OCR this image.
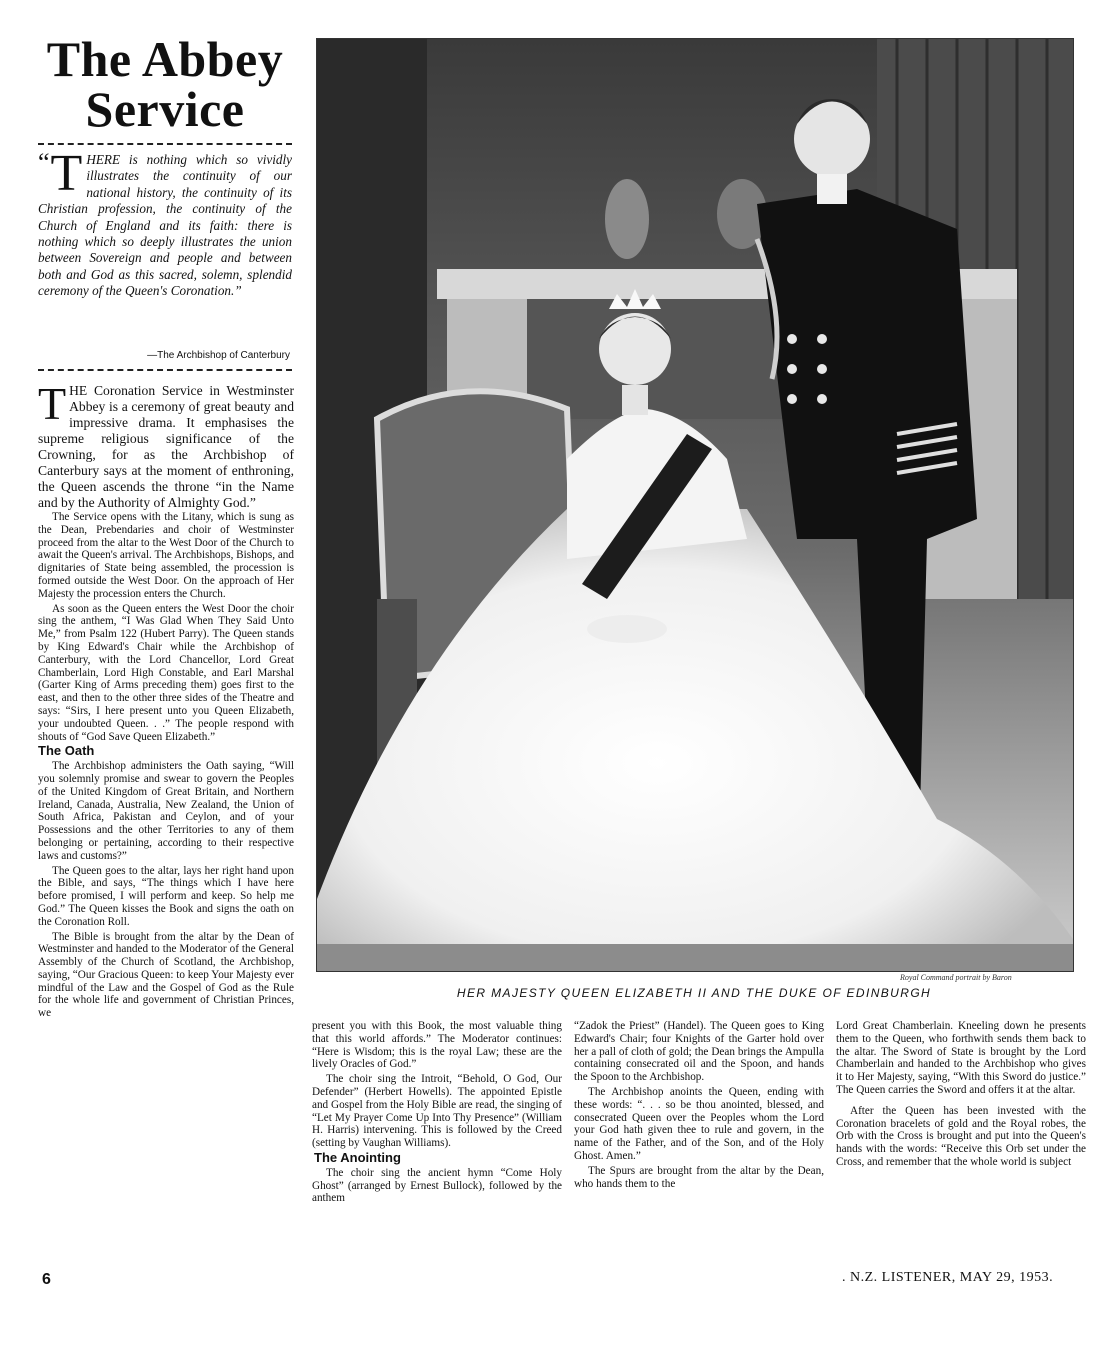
The Abbey Service
“ T HERE is nothing which so vividly illustrates the continuity of our national history, the continuity of its Christian profession, the continuity of the Church of England and its faith: there is nothing which so deeply illustrates the union between Sovereign and people and between both and God as this sacred, solemn, splendid ceremony of the Queen's Coronation.”
—The Archbishop of Canterbury
T HE Coronation Service in Westminster Abbey is a ceremony of great beauty and impressive drama. It emphasises the supreme religious significance of the Crowning, for as the Archbishop of Canterbury says at the moment of enthroning, the Queen ascends the throne “in the Name and by the Authority of Almighty God.”

The Service opens with the Litany, which is sung as the Dean, Prebendaries and choir of Westminster proceed from the altar to the West Door of the Church to await the Queen's arrival. The Archbishops, Bishops, and dignitaries of State being assembled, the procession is formed outside the West Door. On the approach of Her Majesty the procession enters the Church.

As soon as the Queen enters the West Door the choir sing the anthem, “I Was Glad When They Said Unto Me,” from Psalm 122 (Hubert Parry). The Queen stands by King Edward's Chair while the Archbishop of Canterbury, with the Lord Chancellor, Lord Great Chamberlain, Lord High Constable, and Earl Marshal (Garter King of Arms preceding them) goes first to the east, and then to the other three sides of the Theatre and says: “Sirs, I here present unto you Queen Elizabeth, your undoubted Queen. . .” The people respond with shouts of “God Save Queen Elizabeth.”

The Oath

The Archbishop administers the Oath saying, “Will you solemnly promise and swear to govern the Peoples of the United Kingdom of Great Britain, and Northern Ireland, Canada, Australia, New Zealand, the Union of South Africa, Pakistan and Ceylon, and of your Possessions and the other Territories to any of them belonging or pertaining, according to their respective laws and customs?”

The Queen goes to the altar, lays her right hand upon the Bible, and says, “The things which I have here before promised, I will perform and keep. So help me God.” The Queen kisses the Book and signs the oath on the Coronation Roll.

The Bible is brought from the altar by the Dean of Westminster and handed to the Moderator of the General Assembly of the Church of Scotland, the Archbishop, saying, “Our Gracious Queen: to keep Your Majesty ever mindful of the Law and the Gospel of God as the Rule for the whole life and government of Christian Princes, we

Royal Command portrait by Baron
HER MAJESTY QUEEN ELIZABETH II AND THE DUKE OF EDINBURGH

present you with this Book, the most valuable thing that this world affords.” The Moderator continues: “Here is Wisdom; this is the royal Law; these are the lively Oracles of God.”

The choir sing the Introit, “Behold, O God, Our Defender” (Herbert Howells). The appointed Epistle and Gospel from the Holy Bible are read, the singing of “Let My Prayer Come Up Into Thy Presence” (William H. Harris) intervening. This is followed by the Creed (setting by Vaughan Williams).

The Anointing

The choir sing the ancient hymn “Come Holy Ghost” (arranged by Ernest Bullock), followed by the anthem

“Zadok the Priest” (Handel). The Queen goes to King Edward's Chair; four Knights of the Garter hold over her a pall of cloth of gold; the Dean brings the Ampulla containing consecrated oil and the Spoon, and hands the Spoon to the Archbishop.

The Archbishop anoints the Queen, ending with these words: “. . . so be thou anointed, blessed, and consecrated Queen over the Peoples whom the Lord your God hath given thee to rule and govern, in the name of the Father, and of the Son, and of the Holy Ghost. Amen.”

The Spurs are brought from the altar by the Dean, who hands them to the

Lord Great Chamberlain. Kneeling down he presents them to the Queen, who forthwith sends them back to the altar. The Sword of State is brought by the Lord Chamberlain and handed to the Archbishop who gives it to Her Majesty, saying, “With this Sword do justice.” The Queen carries the Sword and offers it at the altar.

After the Queen has been invested with the Coronation bracelets of gold and the Royal robes, the Orb with the Cross is brought and put into the Queen's hands with the words: “Receive this Orb set under the Cross, and remember that the whole world is subject

6	. N.Z. LISTENER, MAY 29, 1953.
